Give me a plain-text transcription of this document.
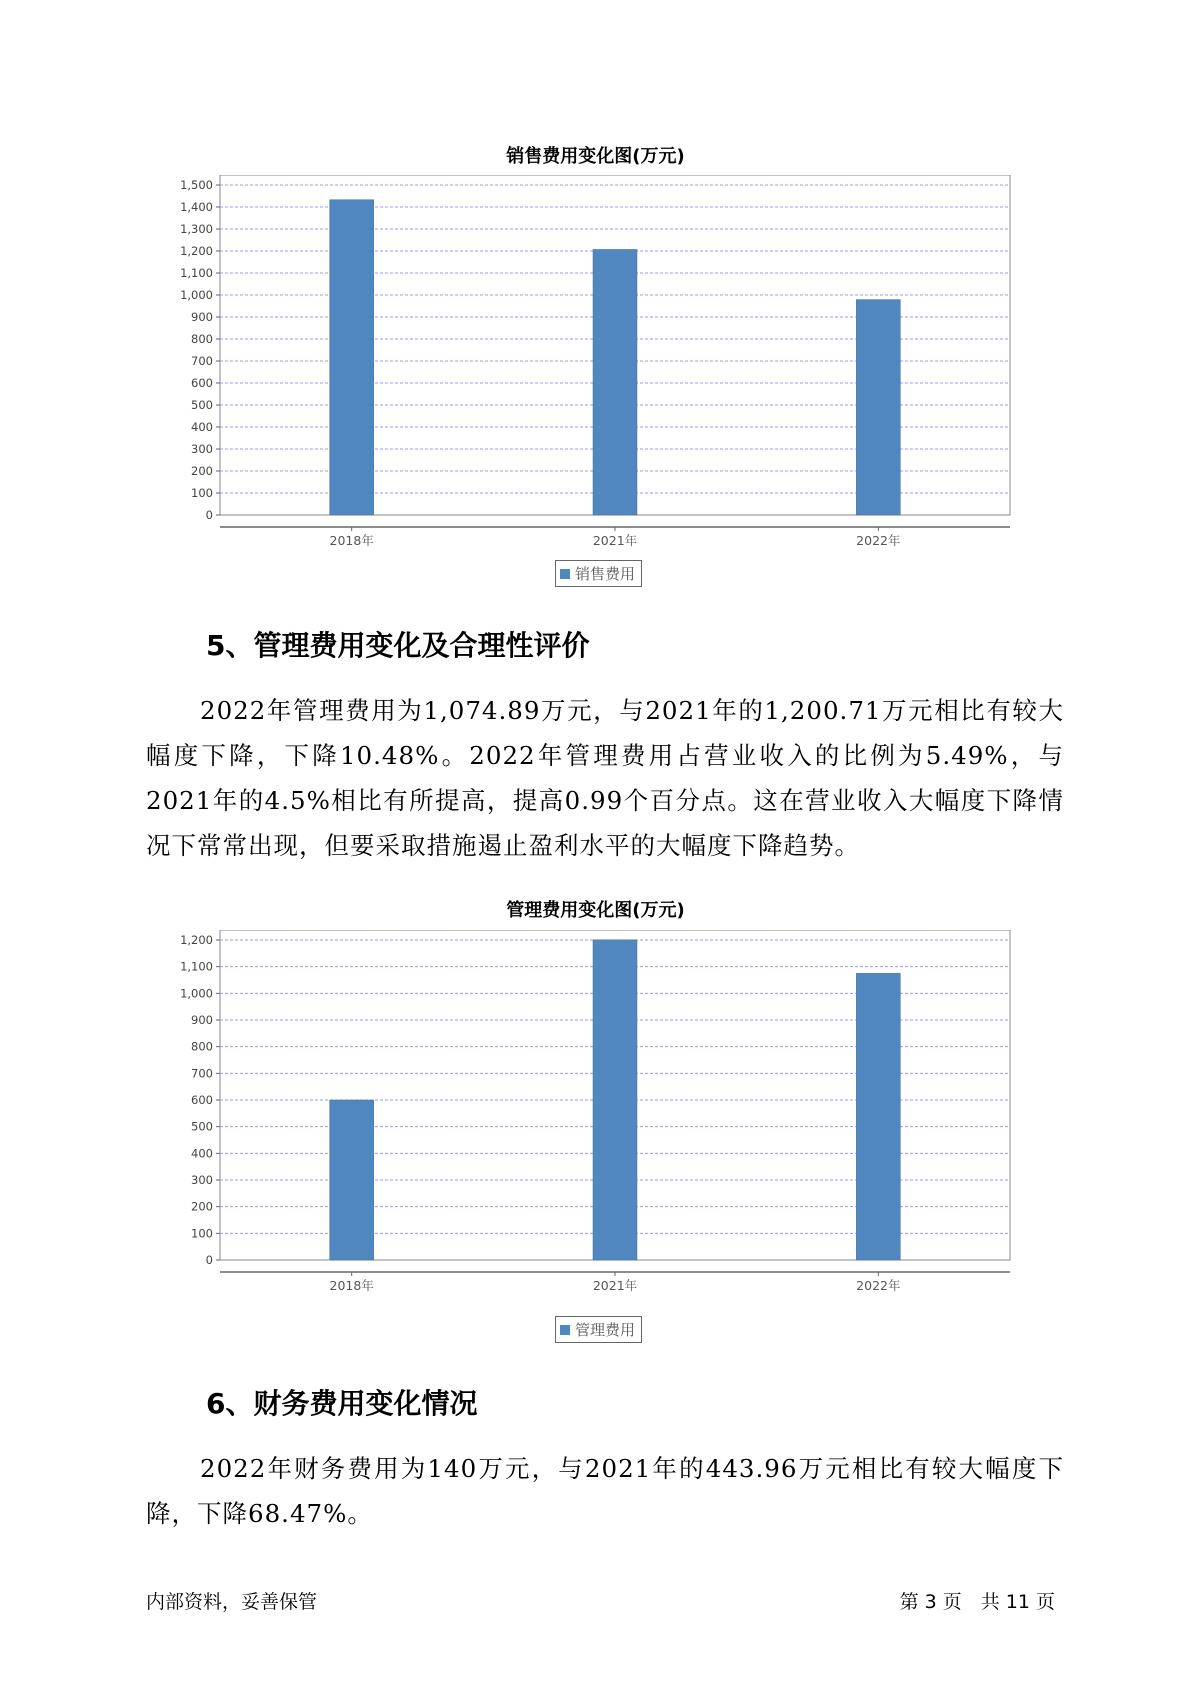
销售费用变化图(万元)
0
100
200
300
400
500
600
700
800
900
1,000
1,100
1,200
1,300
1,400
1,500
2018年	2021年	2022年
销售费用
5、管理费用变化及合理性评价

2022年管理费用为1,074.89万元，与2021年的1,200.71万元相比有较大幅度下降，下降10.48%。2022年管理费用占营业收入的比例为5.49%，与2021年的4.5%相比有所提高，提高0.99个百分点。这在营业收入大幅度下降情况下常常出现，但要采取措施遏止盈利水平的大幅度下降趋势。

管理费用变化图(万元)
0
100
200
300
400
500
600
700
800
900
1,000
1,100
1,200
2018年	2021年	2022年
管理费用
6、财务费用变化情况

2022年财务费用为140万元，与2021年的443.96万元相比有较大幅度下降，下降68.47%。

内部资料，妥善保管	第 3 页　共 11 页
